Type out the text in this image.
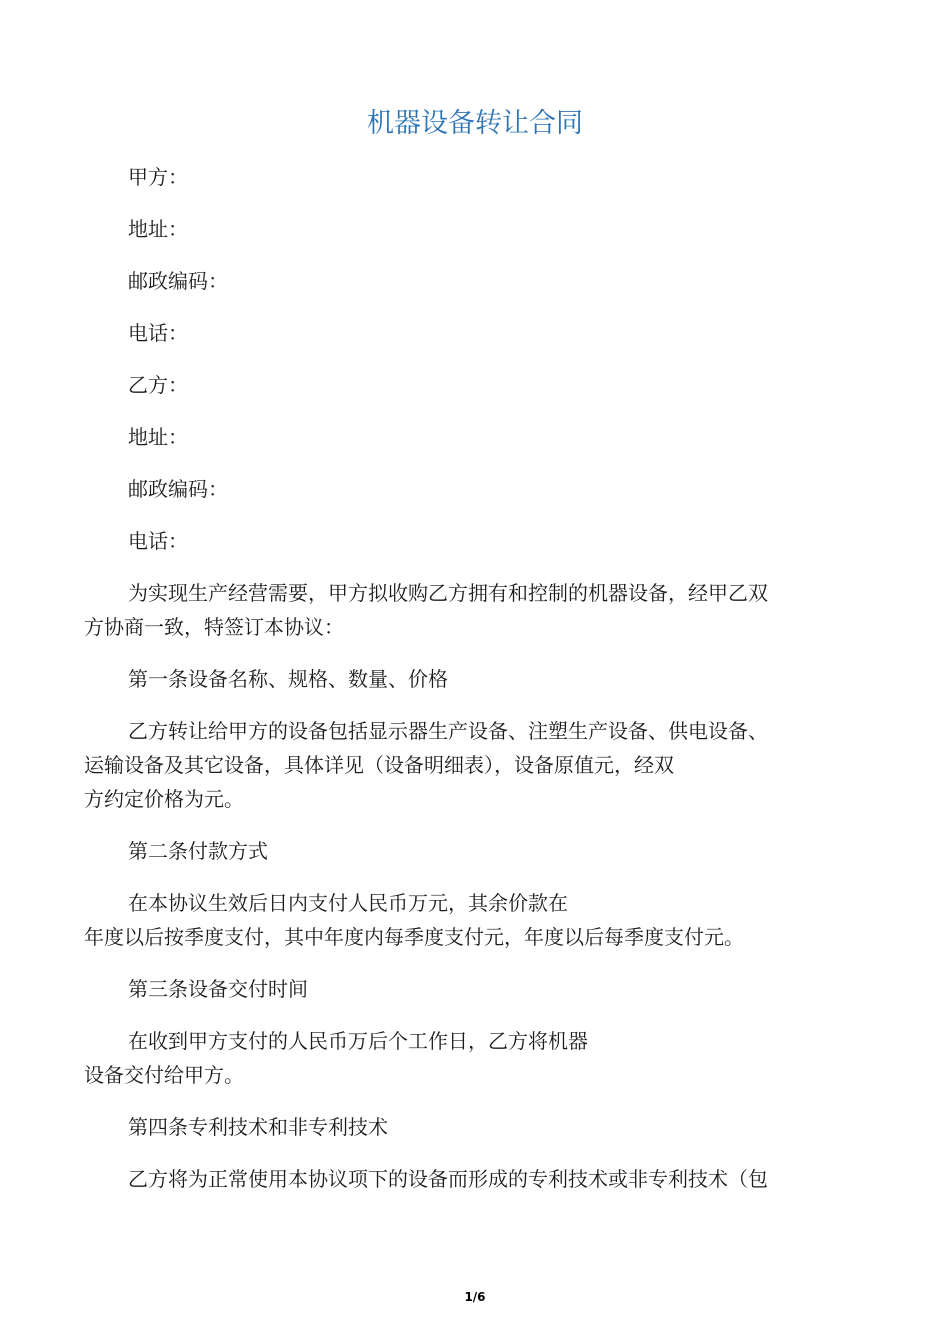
机器设备转让合同

甲方：

地址：

邮政编码：

电话：

乙方：

地址：

邮政编码：

电话：

为实现生产经营需要，甲方拟收购乙方拥有和控制的机器设备，经甲乙双
方协商一致，特签订本协议：

第一条设备名称、规格、数量、价格

乙方转让给甲方的设备包括显示器生产设备、注塑生产设备、供电设备、
运输设备及其它设备，具体详见（设备明细表），设备原值元，经双
方约定价格为元。

第二条付款方式

在本协议生效后日内支付人民币万元，其余价款在
年度以后按季度支付，其中年度内每季度支付元，年度以后每季度支付元。

第三条设备交付时间

在收到甲方支付的人民币万后个工作日，乙方将机器
设备交付给甲方。

第四条专利技术和非专利技术

乙方将为正常使用本协议项下的设备而形成的专利技术或非专利技术（包

1/6
